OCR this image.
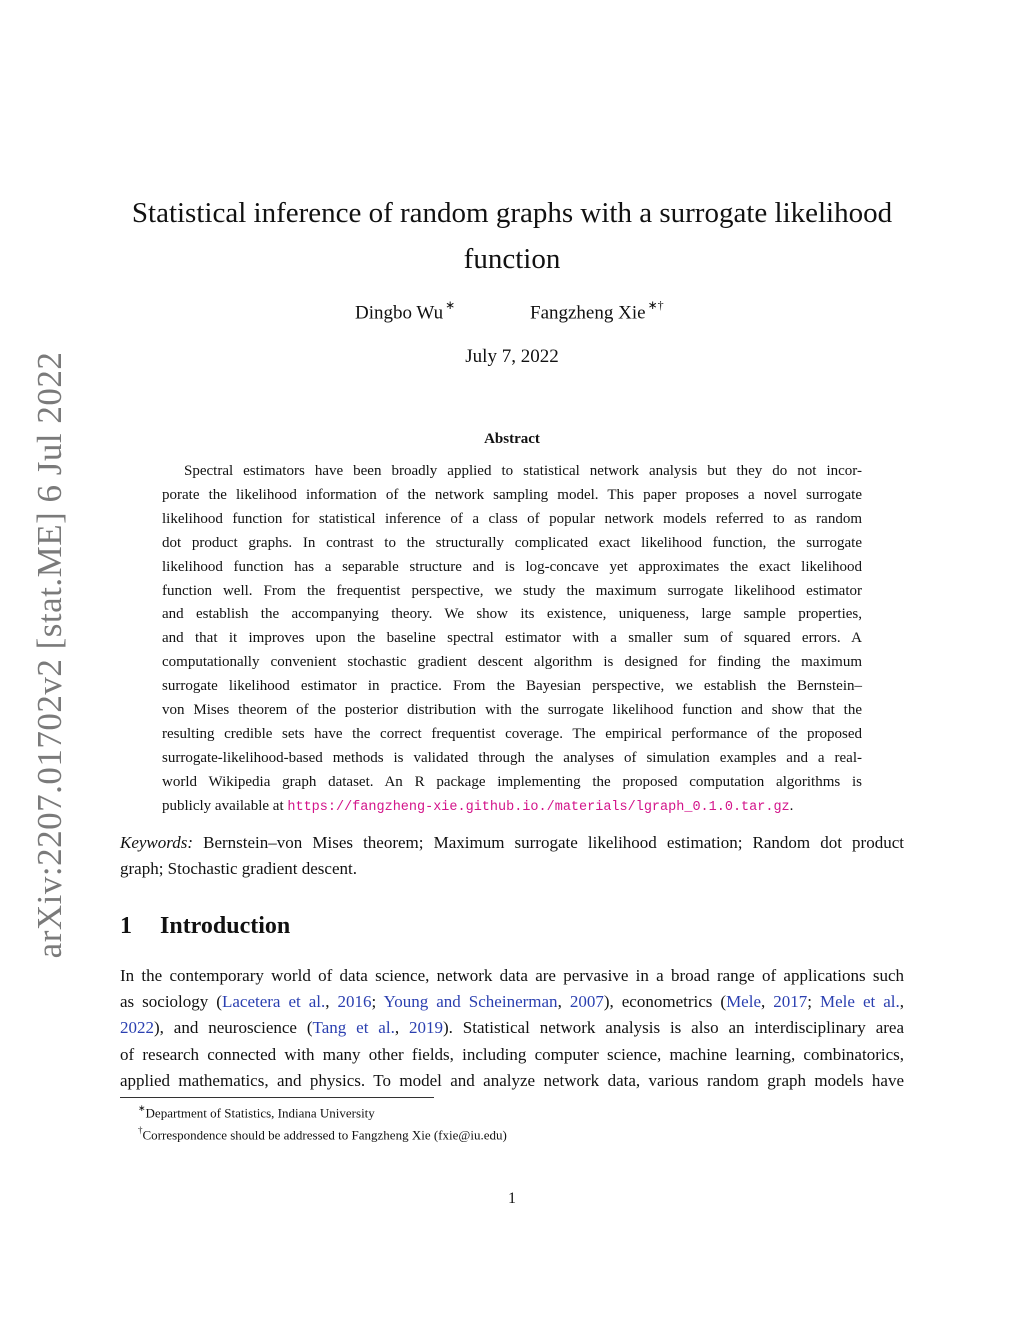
arXiv:2207.01702v2 [stat.ME] 6 Jul 2022
Statistical inference of random graphs with a surrogate likelihood
function
Dingbo Wu ∗	Fangzheng Xie ∗†
July 7, 2022
Abstract
Spectral estimators have been broadly applied to statistical network analysis but they do not incor-
porate the likelihood information of the network sampling model. This paper proposes a novel surrogate
likelihood function for statistical inference of a class of popular network models referred to as random
dot product graphs. In contrast to the structurally complicated exact likelihood function, the surrogate
likelihood function has a separable structure and is log-concave yet approximates the exact likelihood
function well. From the frequentist perspective, we study the maximum surrogate likelihood estimator
and establish the accompanying theory. We show its existence, uniqueness, large sample properties,
and that it improves upon the baseline spectral estimator with a smaller sum of squared errors. A
computationally convenient stochastic gradient descent algorithm is designed for finding the maximum
surrogate likelihood estimator in practice. From the Bayesian perspective, we establish the Bernstein–
von Mises theorem of the posterior distribution with the surrogate likelihood function and show that the
resulting credible sets have the correct frequentist coverage. The empirical performance of the proposed
surrogate-likelihood-based methods is validated through the analyses of simulation examples and a real-
world Wikipedia graph dataset. An R package implementing the proposed computation algorithms is
publicly available at https://fangzheng-xie.github.io./materials/lgraph_0.1.0.tar.gz.
Keywords: Bernstein–von Mises theorem; Maximum surrogate likelihood estimation; Random dot product
graph; Stochastic gradient descent.
1 Introduction
In the contemporary world of data science, network data are pervasive in a broad range of applications such
as sociology (Lacetera et al., 2016; Young and Scheinerman, 2007), econometrics (Mele, 2017; Mele et al.,
2022), and neuroscience (Tang et al., 2019). Statistical network analysis is also an interdisciplinary area
of research connected with many other fields, including computer science, machine learning, combinatorics,
applied mathematics, and physics. To model and analyze network data, various random graph models have
∗Department of Statistics, Indiana University
†Correspondence should be addressed to Fangzheng Xie (fxie@iu.edu)
1
